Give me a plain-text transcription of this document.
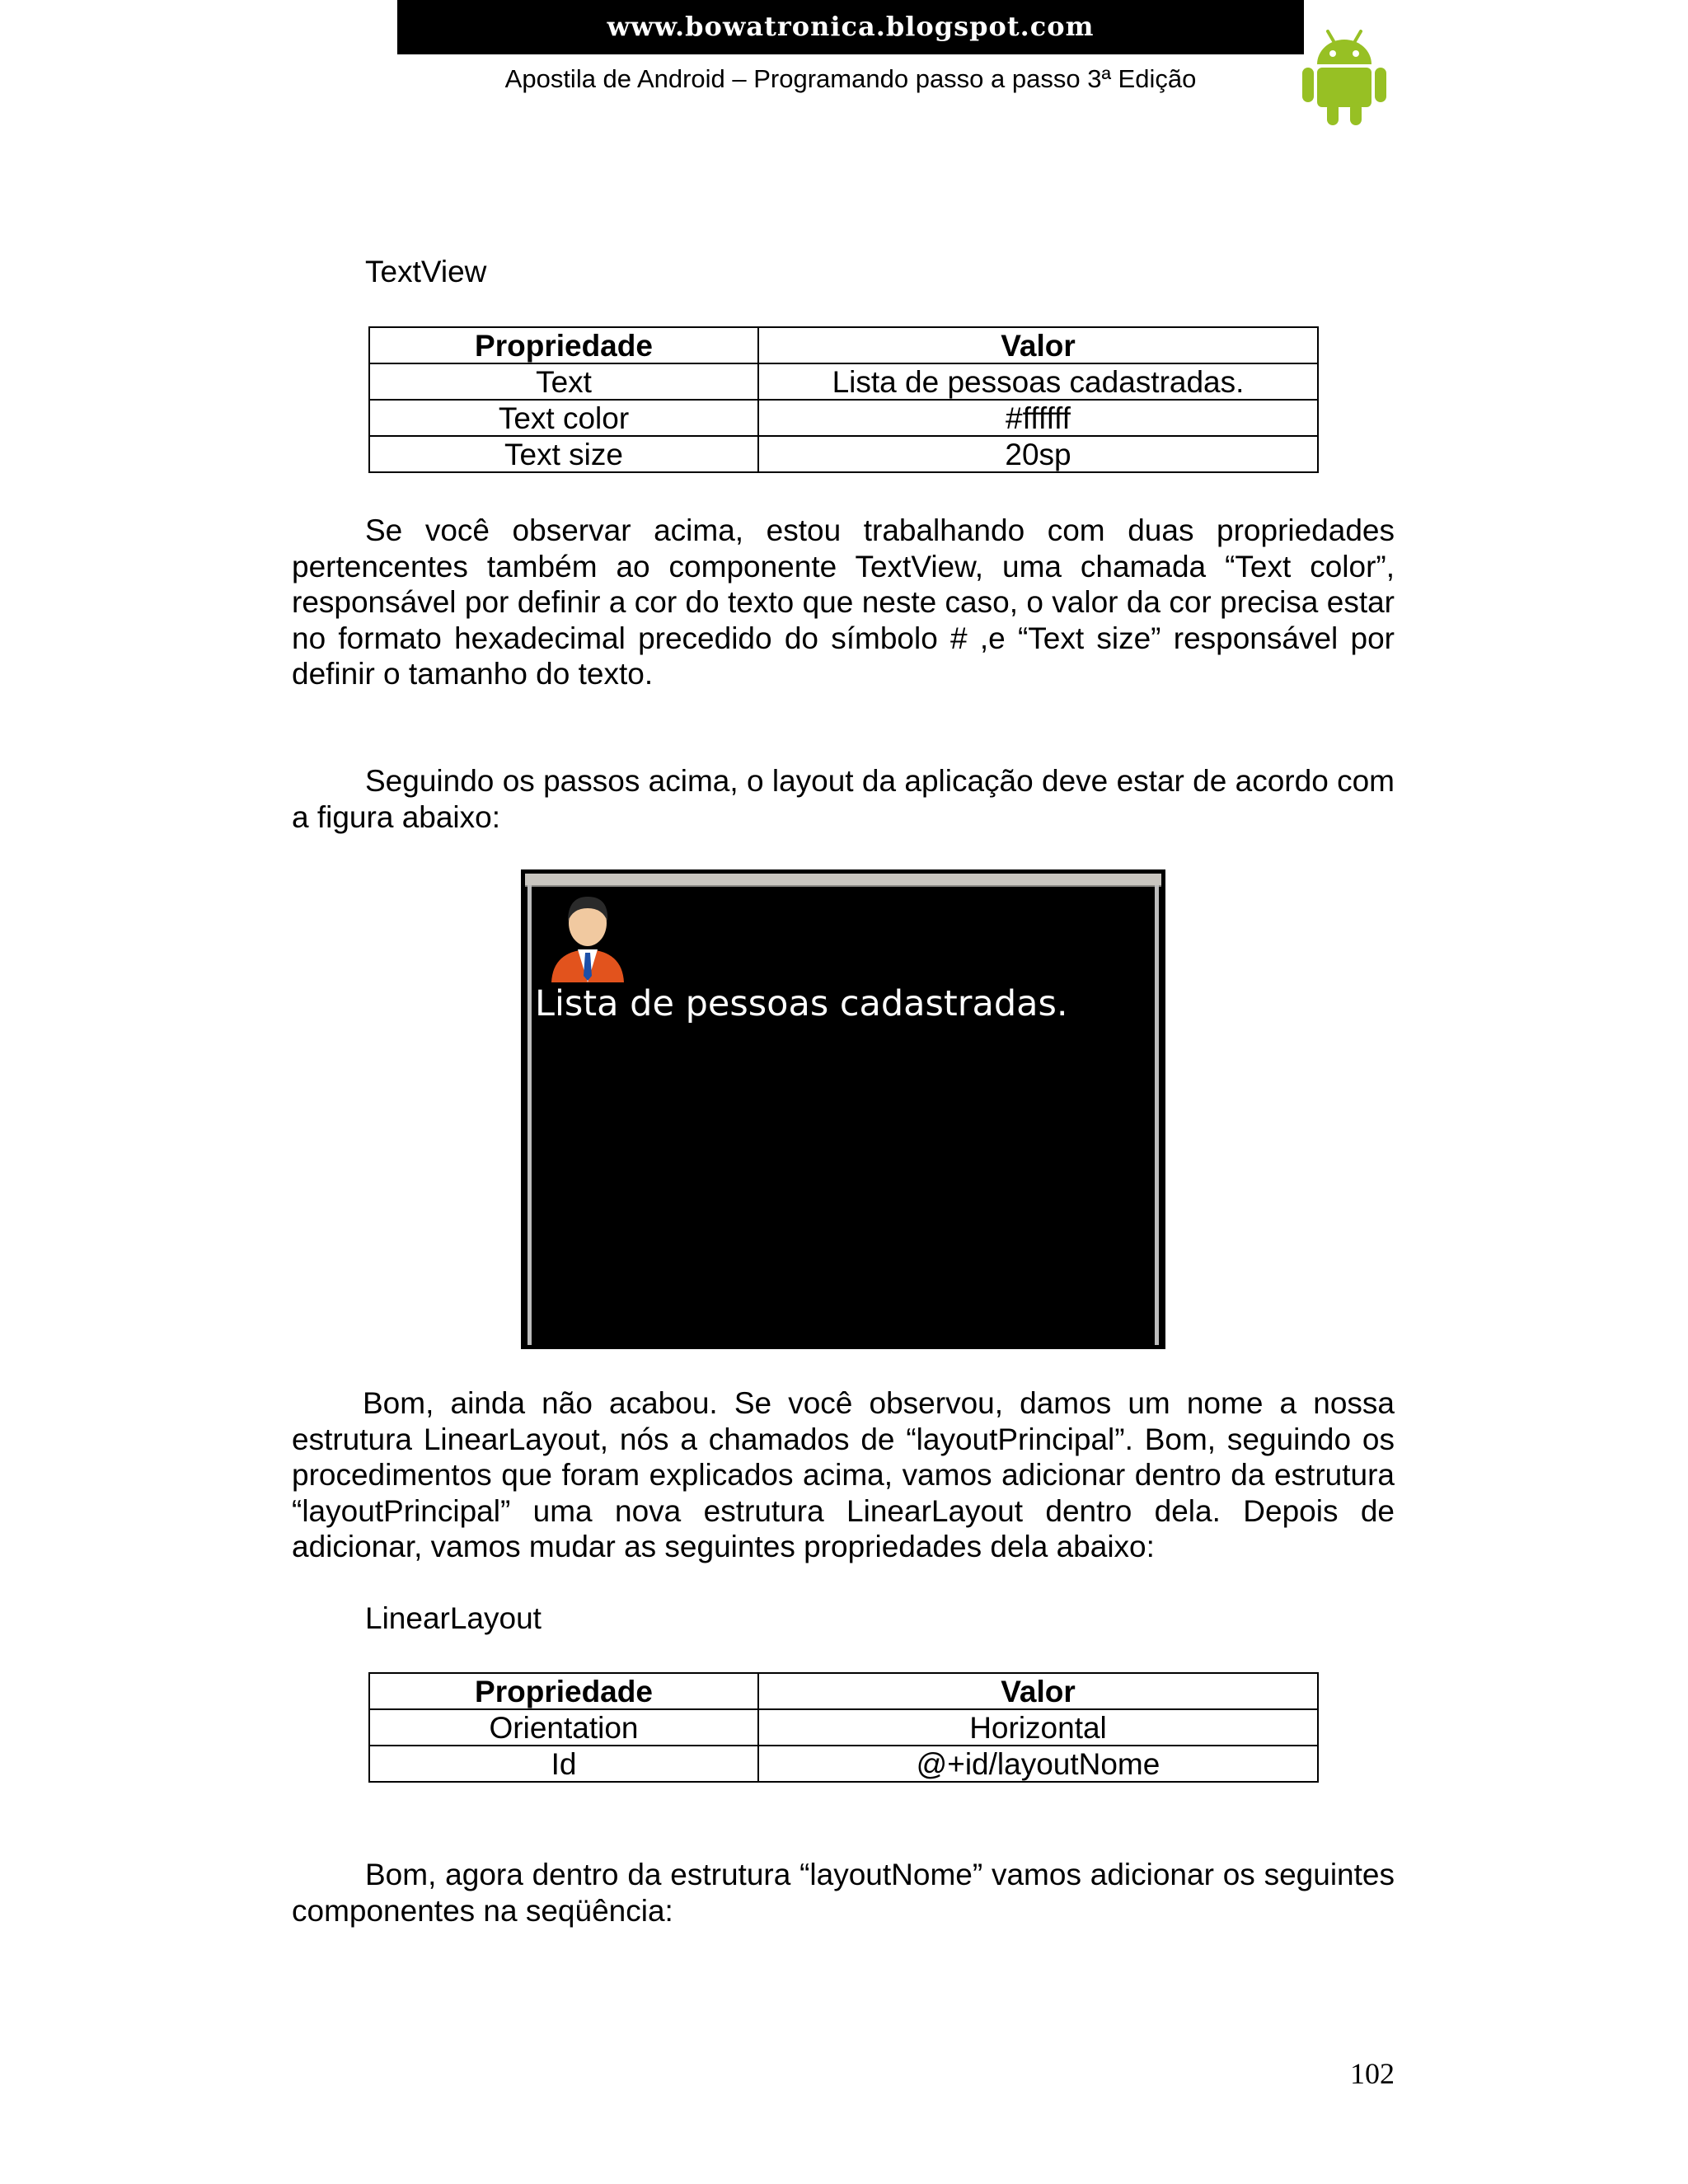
www.bowatronica.blogspot.com
Apostila de Android – Programando passo a passo 3ª Edição
TextView
Propriedade	Valor
Text	Lista de pessoas cadastradas.
Text color	#ffffff
Text size	20sp
Se você observar acima, estou trabalhando com duas propriedades pertencentes também ao componente TextView, uma chamada “Text color”, responsável por definir a cor do texto que neste caso, o valor da cor precisa estar no formato hexadecimal precedido do símbolo # ,e “Text size” responsável por definir o tamanho do texto.
Seguindo os passos acima, o layout da aplicação deve estar de acordo com a figura abaixo:
Lista de pessoas cadastradas.
Bom, ainda não acabou. Se você observou, damos um nome a nossa estrutura LinearLayout, nós a chamados de “layoutPrincipal”. Bom, seguindo os procedimentos que foram explicados acima, vamos adicionar dentro da estrutura “layoutPrincipal” uma nova estrutura LinearLayout dentro dela. Depois de adicionar, vamos mudar as seguintes propriedades dela abaixo:
LinearLayout
Propriedade	Valor
Orientation	Horizontal
Id	@+id/layoutNome
Bom, agora dentro da estrutura “layoutNome” vamos adicionar os seguintes componentes na seqüência:
102
